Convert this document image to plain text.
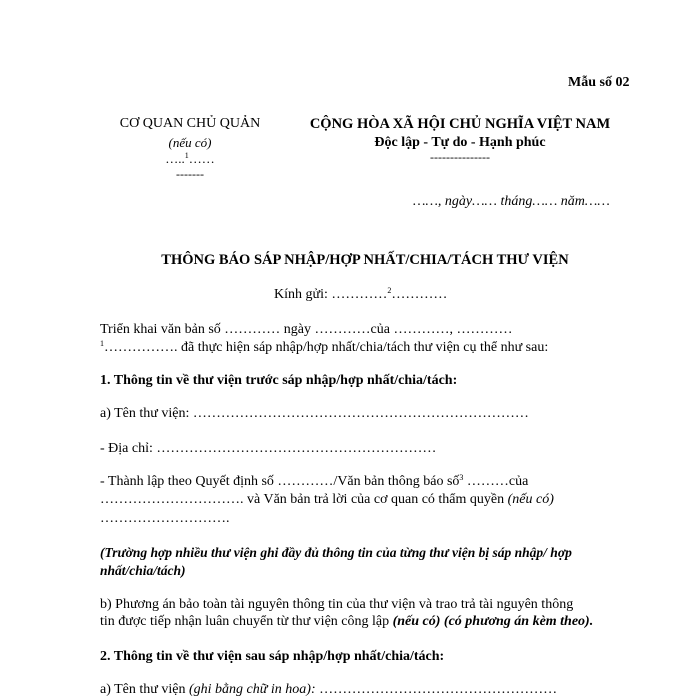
Mẫu số 02
CƠ QUAN CHỦ QUẢN
(nếu có)
…..$^1$……
-------
CỘNG HÒA XÃ HỘI CHỦ NGHĨA VIỆT NAM
Độc lập - Tự do - Hạnh phúc
---------------
……, ngày…… tháng…… năm……
THÔNG BÁO SÁP NHẬP/HỢP NHẤT/CHIA/TÁCH THƯ VIỆN
Kính gửi: …………$^2$…………
Triển khai văn bản số ………… ngày …………của …………, …………
$^1$……………. đã thực hiện sáp nhập/hợp nhất/chia/tách thư viện cụ thể như sau:
1. Thông tin về thư viện trước sáp nhập/hợp nhất/chia/tách:
a) Tên thư viện: ………………………………………………………………
- Địa chỉ: ……………………………………………………
- Thành lập theo Quyết định số …………/Văn bản thông báo số$^3$ ………của
…………………………. và Văn bản trả lời của cơ quan có thẩm quyền (nếu có)
……………………….
(Trường hợp nhiều thư viện ghi đầy đủ thông tin của từng thư viện bị sáp nhập/ hợp
nhất/chia/tách)
b) Phương án bảo toàn tài nguyên thông tin của thư viện và trao trả tài nguyên thông
tin được tiếp nhận luân chuyển từ thư viện công lập (nếu có) (có phương án kèm theo).
2. Thông tin về thư viện sau sáp nhập/hợp nhất/chia/tách:
a) Tên thư viện (ghi bằng chữ in hoa): ……………………………………………
